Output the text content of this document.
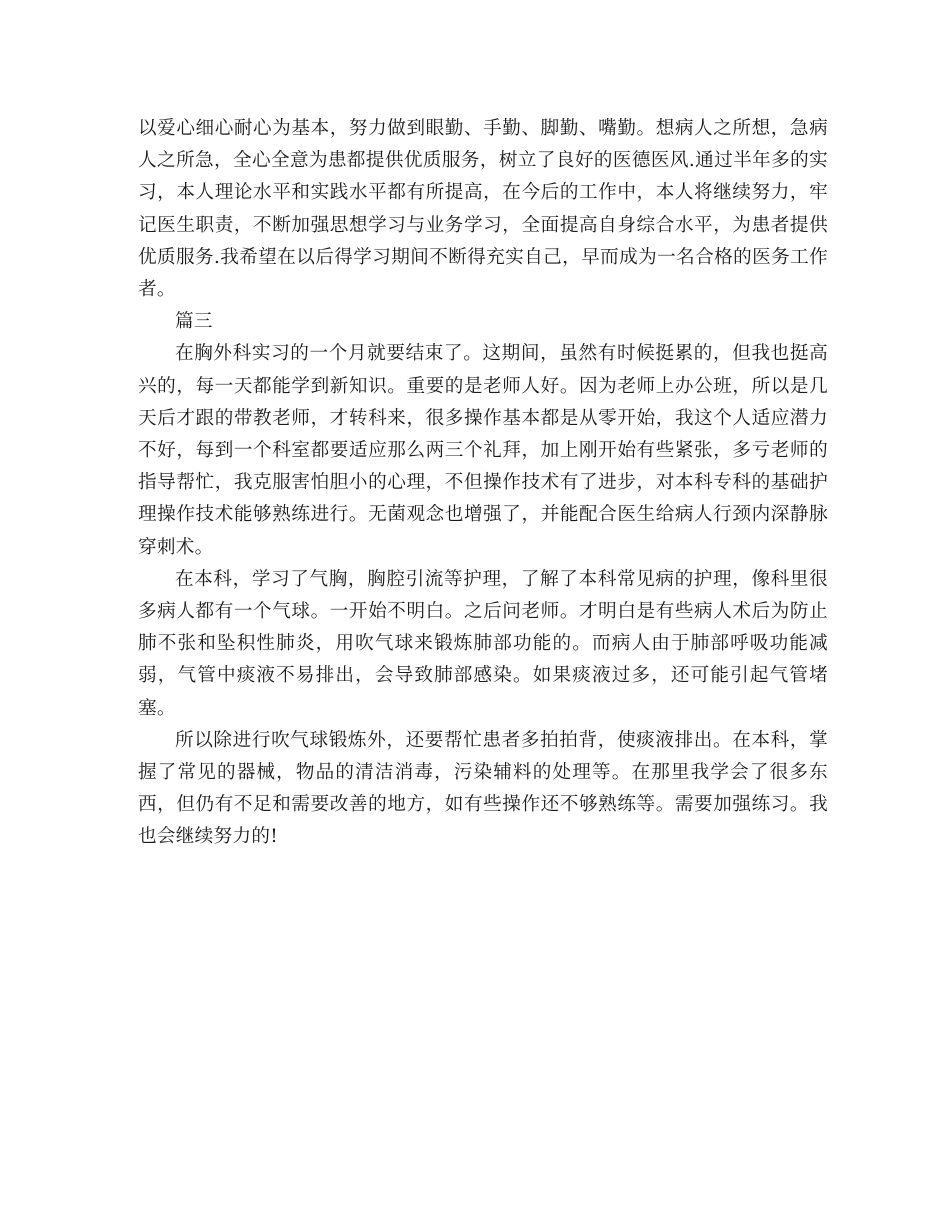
以爱心细心耐心为基本，努力做到眼勤、手勤、脚勤、嘴勤。想病人之所想，急病人之所急，全心全意为患都提供优质服务，树立了良好的医德医风.通过半年多的实习，本人理论水平和实践水平都有所提高，在今后的工作中，本人将继续努力，牢记医生职责，不断加强思想学习与业务学习，全面提高自身综合水平，为患者提供优质服务.我希望在以后得学习期间不断得充实自己，早而成为一名合格的医务工作者。

篇三

在胸外科实习的一个月就要结束了。这期间，虽然有时候挺累的，但我也挺高兴的，每一天都能学到新知识。重要的是老师人好。因为老师上办公班，所以是几天后才跟的带教老师，才转科来，很多操作基本都是从零开始，我这个人适应潜力不好，每到一个科室都要适应那么两三个礼拜，加上刚开始有些紧张，多亏老师的指导帮忙，我克服害怕胆小的心理，不但操作技术有了进步，对本科专科的基础护理操作技术能够熟练进行。无菌观念也增强了，并能配合医生给病人行颈内深静脉穿刺术。

在本科，学习了气胸，胸腔引流等护理，了解了本科常见病的护理，像科里很多病人都有一个气球。一开始不明白。之后问老师。才明白是有些病人术后为防止肺不张和坠积性肺炎，用吹气球来锻炼肺部功能的。而病人由于肺部呼吸功能减弱，气管中痰液不易排出，会导致肺部感染。如果痰液过多，还可能引起气管堵塞。

所以除进行吹气球锻炼外，还要帮忙患者多拍拍背，使痰液排出。在本科，掌握了常见的器械，物品的清洁消毒，污染辅料的处理等。在那里我学会了很多东西，但仍有不足和需要改善的地方，如有些操作还不够熟练等。需要加强练习。我也会继续努力的!
